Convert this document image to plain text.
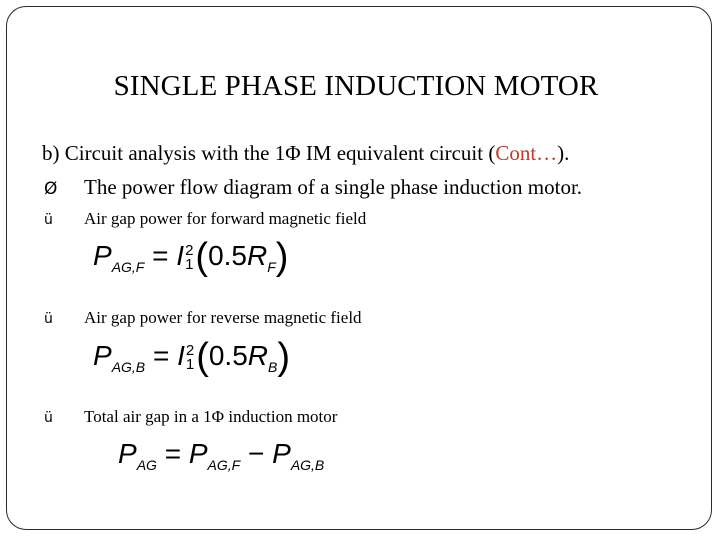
SINGLE PHASE INDUCTION MOTOR
b) Circuit analysis with the 1Φ IM equivalent circuit (Cont…).
Ø The power flow diagram of a single phase induction motor.
ü Air gap power for forward magnetic field
$P_{AG,F} = I$ 2
1 $(0.5R_F)$
ü Air gap power for reverse magnetic field
$P_{AG,B} = I$ 2
1 $(0.5R_B)$
ü Total air gap in a 1Φ induction motor
$P_{AG} = P_{AG,F} - P_{AG,B}$
